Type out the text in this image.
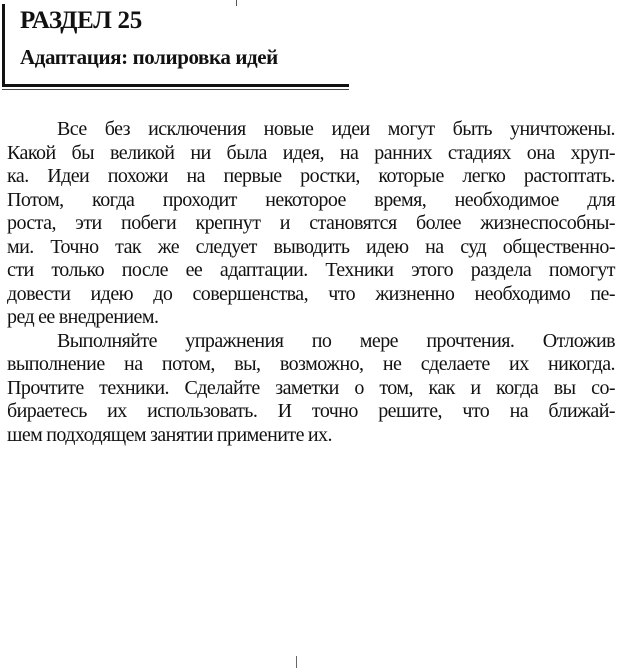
РАЗДЕЛ 25
Адаптация: полировка идей
Все без исключения новые идеи могут быть уничтожены.
Какой бы великой ни была идея, на ранних стадиях она хруп-
ка. Идеи похожи на первые ростки, которые легко растоптать.
Потом, когда проходит некоторое время, необходимое для
роста, эти побеги крепнут и становятся более жизнеспособны-
ми. Точно так же следует выводить идею на суд общественно-
сти только после ее адаптации. Техники этого раздела помогут
довести идею до совершенства, что жизненно необходимо пе-
ред ее внедрением.
Выполняйте упражнения по мере прочтения. Отложив
выполнение на потом, вы, возможно, не сделаете их никогда.
Прочтите техники. Сделайте заметки о том, как и когда вы со-
бираетесь их использовать. И точно решите, что на ближай-
шем подходящем занятии примените их.
